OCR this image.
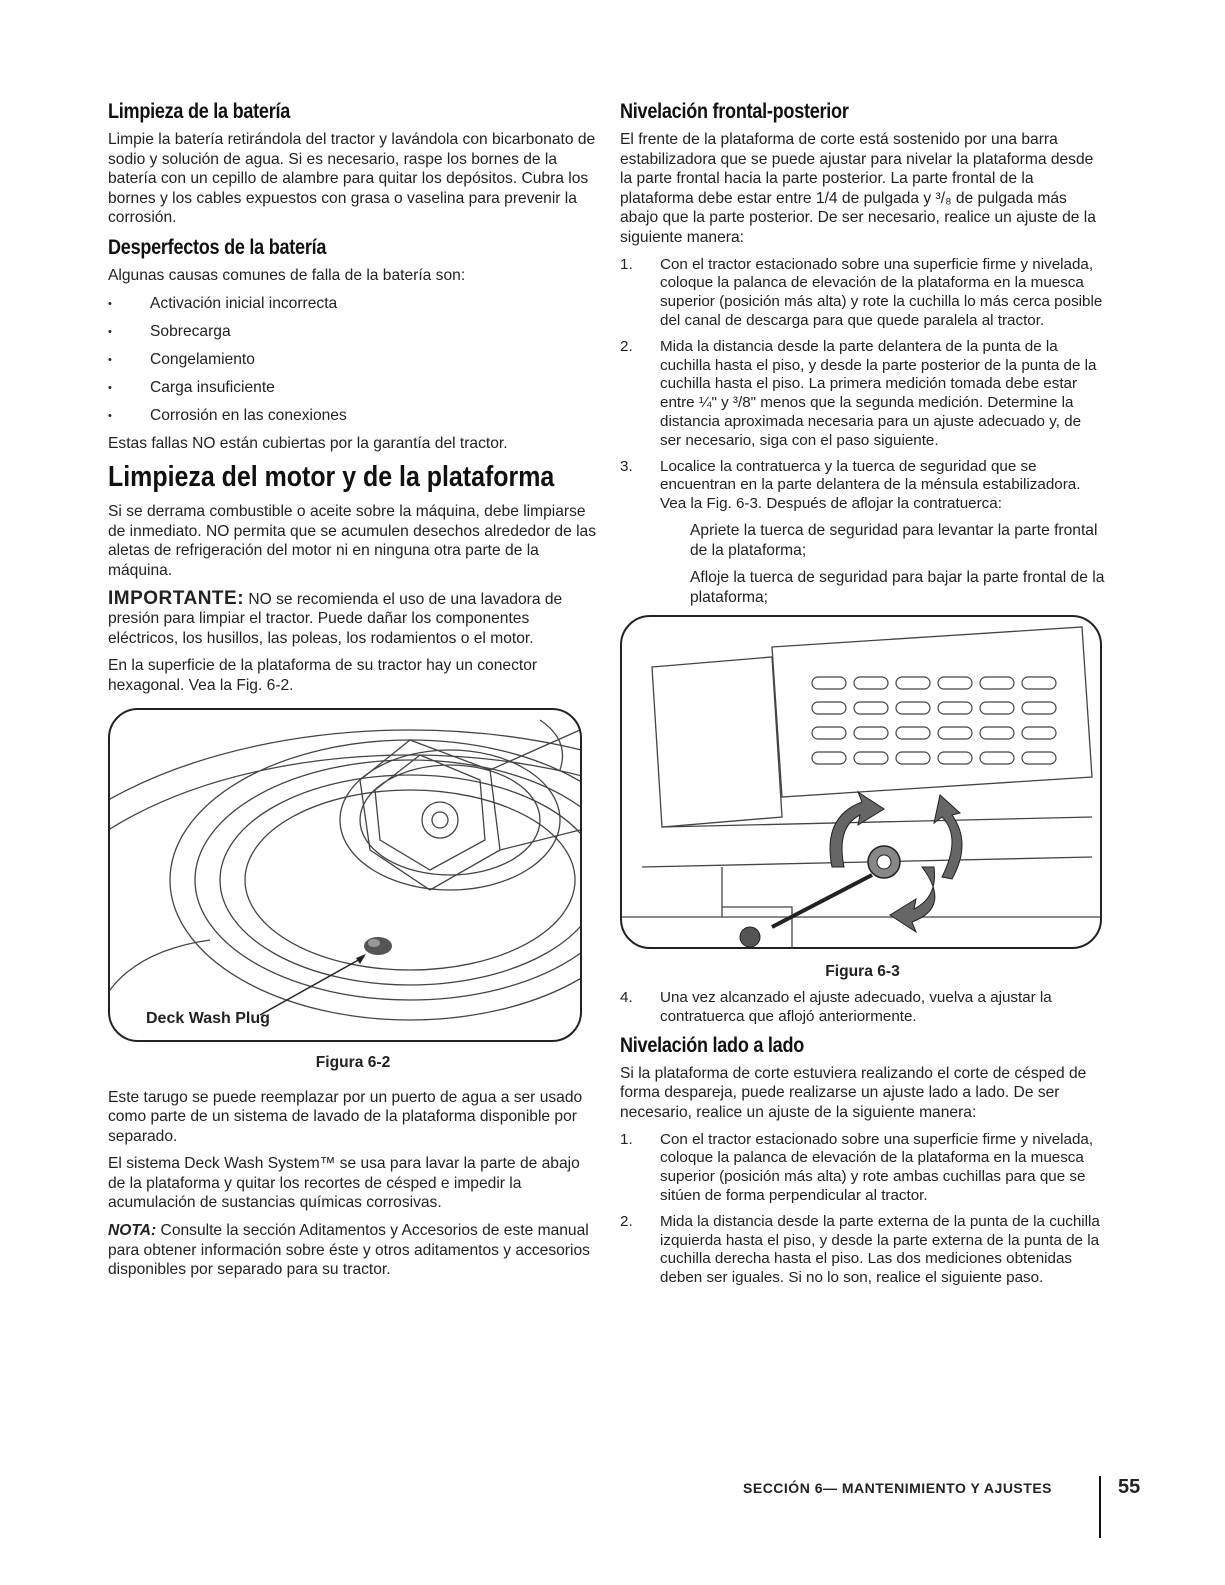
Limpieza de la batería

Limpie la batería retirándola del tractor y lavándola con bicarbonato de sodio y solución de agua. Si es necesario, raspe los bornes de la batería con un cepillo de alambre para quitar los depósitos. Cubra los bornes y los cables expuestos con grasa o vaselina para prevenir la corrosión.

Desperfectos de la batería

Algunas causas comunes de falla de la batería son:

• Activación inicial incorrecta
• Sobrecarga
• Congelamiento
• Carga insuficiente
• Corrosión en las conexiones

Estas fallas NO están cubiertas por la garantía del tractor.

Limpieza del motor y de la plataforma

Si se derrama combustible o aceite sobre la máquina, debe limpiarse de inmediato. NO permita que se acumulen desechos alrededor de las aletas de refrigeración del motor ni en ninguna otra parte de la máquina.

IMPORTANTE: NO se recomienda el uso de una lavadora de presión para limpiar el tractor. Puede dañar los componentes eléctricos, los husillos, las poleas, los rodamientos o el motor.

En la superficie de la plataforma de su tractor hay un conector hexagonal. Vea la Fig. 6-2.

Deck Wash Plug
Figura 6-2

Este tarugo se puede reemplazar por un puerto de agua a ser usado como parte de un sistema de lavado de la plataforma disponible por separado.

El sistema Deck Wash System™ se usa para lavar la parte de abajo de la plataforma y quitar los recortes de césped e impedir la acumulación de sustancias químicas corrosivas.

NOTA: Consulte la sección Aditamentos y Accesorios de este manual para obtener información sobre éste y otros aditamentos y accesorios disponibles por separado para su tractor.

Nivelación frontal-posterior

El frente de la plataforma de corte está sostenido por una barra estabilizadora que se puede ajustar para nivelar la plataforma desde la parte frontal hacia la parte posterior. La parte frontal de la plataforma debe estar entre 1/4 de pulgada y ³/₈ de pulgada más abajo que la parte posterior. De ser necesario, realice un ajuste de la siguiente manera:

1.	Con el tractor estacionado sobre una superficie firme y nivelada, coloque la palanca de elevación de la plataforma en la muesca superior (posición más alta) y rote la cuchilla lo más cerca posible del canal de descarga para que quede paralela al tractor.
2.	Mida la distancia desde la parte delantera de la punta de la cuchilla hasta el piso, y desde la parte posterior de la punta de la cuchilla hasta el piso. La primera medición tomada debe estar entre ¼" y ³/8" menos que la segunda medición. Determine la distancia aproximada necesaria para un ajuste adecuado y, de ser necesario, siga con el paso siguiente.
3.	Localice la contratuerca y la tuerca de seguridad que se encuentran en la parte delantera de la ménsula estabilizadora. Vea la Fig. 6-3. Después de aflojar la contratuerca:

Apriete la tuerca de seguridad para levantar la parte frontal de la plataforma;

Afloje la tuerca de seguridad para bajar la parte frontal de la plataforma;

Figura 6-3
4.	Una vez alcanzado el ajuste adecuado, vuelva a ajustar la contratuerca que aflojó anteriormente.
Nivelación lado a lado

Si la plataforma de corte estuviera realizando el corte de césped de forma despareja, puede realizarse un ajuste lado a lado. De ser necesario, realice un ajuste de la siguiente manera:

1.	Con el tractor estacionado sobre una superficie firme y nivelada, coloque la palanca de elevación de la plataforma en la muesca superior (posición más alta) y rote ambas cuchillas para que se sitúen de forma perpendicular al tractor.
2.	Mida la distancia desde la parte externa de la punta de la cuchilla izquierda hasta el piso, y desde la parte externa de la punta de la cuchilla derecha hasta el piso. Las dos mediciones obtenidas deben ser iguales. Si no lo son, realice el siguiente paso.
SECCIÓN 6— MANTENIMIENTO Y AJUSTES	55
